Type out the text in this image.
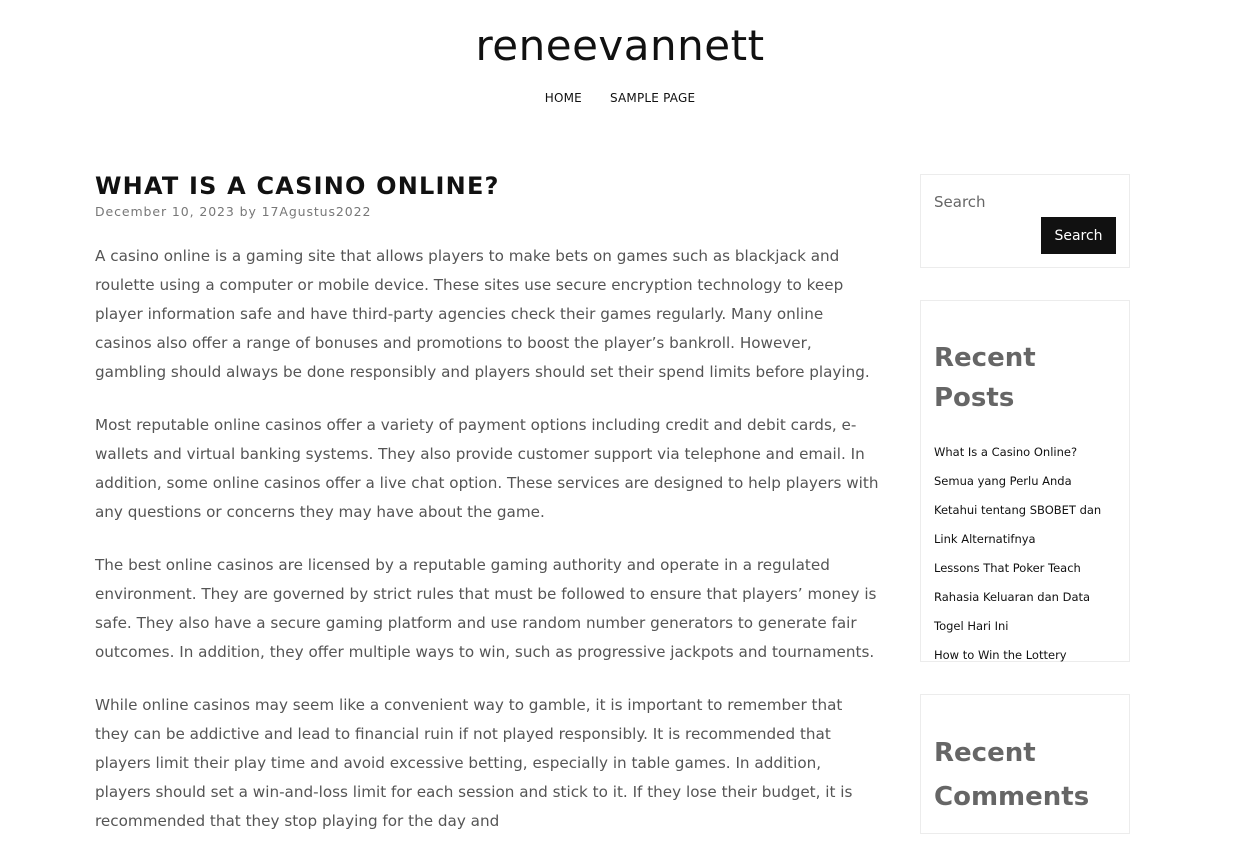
reneevannett
HOME SAMPLE PAGE
WHAT IS A CASINO ONLINE?
December 10, 2023 by 17Agustus2022

A casino online is a gaming site that allows players to make bets on games such as blackjack and roulette using a computer or mobile device. These sites use secure encryption technology to keep player information safe and have third-party agencies check their games regularly. Many online casinos also offer a range of bonuses and promotions to boost the player’s bankroll. However, gambling should always be done responsibly and players should set their spend limits before playing.

Most reputable online casinos offer a variety of payment options including credit and debit cards, e-wallets and virtual banking systems. They also provide customer support via telephone and email. In addition, some online casinos offer a live chat option. These services are designed to help players with any questions or concerns they may have about the game.

The best online casinos are licensed by a reputable gaming authority and operate in a regulated environment. They are governed by strict rules that must be followed to ensure that players’ money is safe. They also have a secure gaming platform and use random number generators to generate fair outcomes. In addition, they offer multiple ways to win, such as progressive jackpots and tournaments.

While online casinos may seem like a convenient way to gamble, it is important to remember that they can be addictive and lead to financial ruin if not played responsibly. It is recommended that players limit their play time and avoid excessive betting, especially in table games. In addition, players should set a win-and-loss limit for each session and stick to it. If they lose their budget, it is recommended that they stop playing for the day and

Search
Search
Recent Posts
What Is a Casino Online?
Semua yang Perlu Anda Ketahui tentang SBOBET dan Link Alternatifnya
Lessons That Poker Teach
Rahasia Keluaran dan Data Togel Hari Ini
How to Win the Lottery
Recent Comments
